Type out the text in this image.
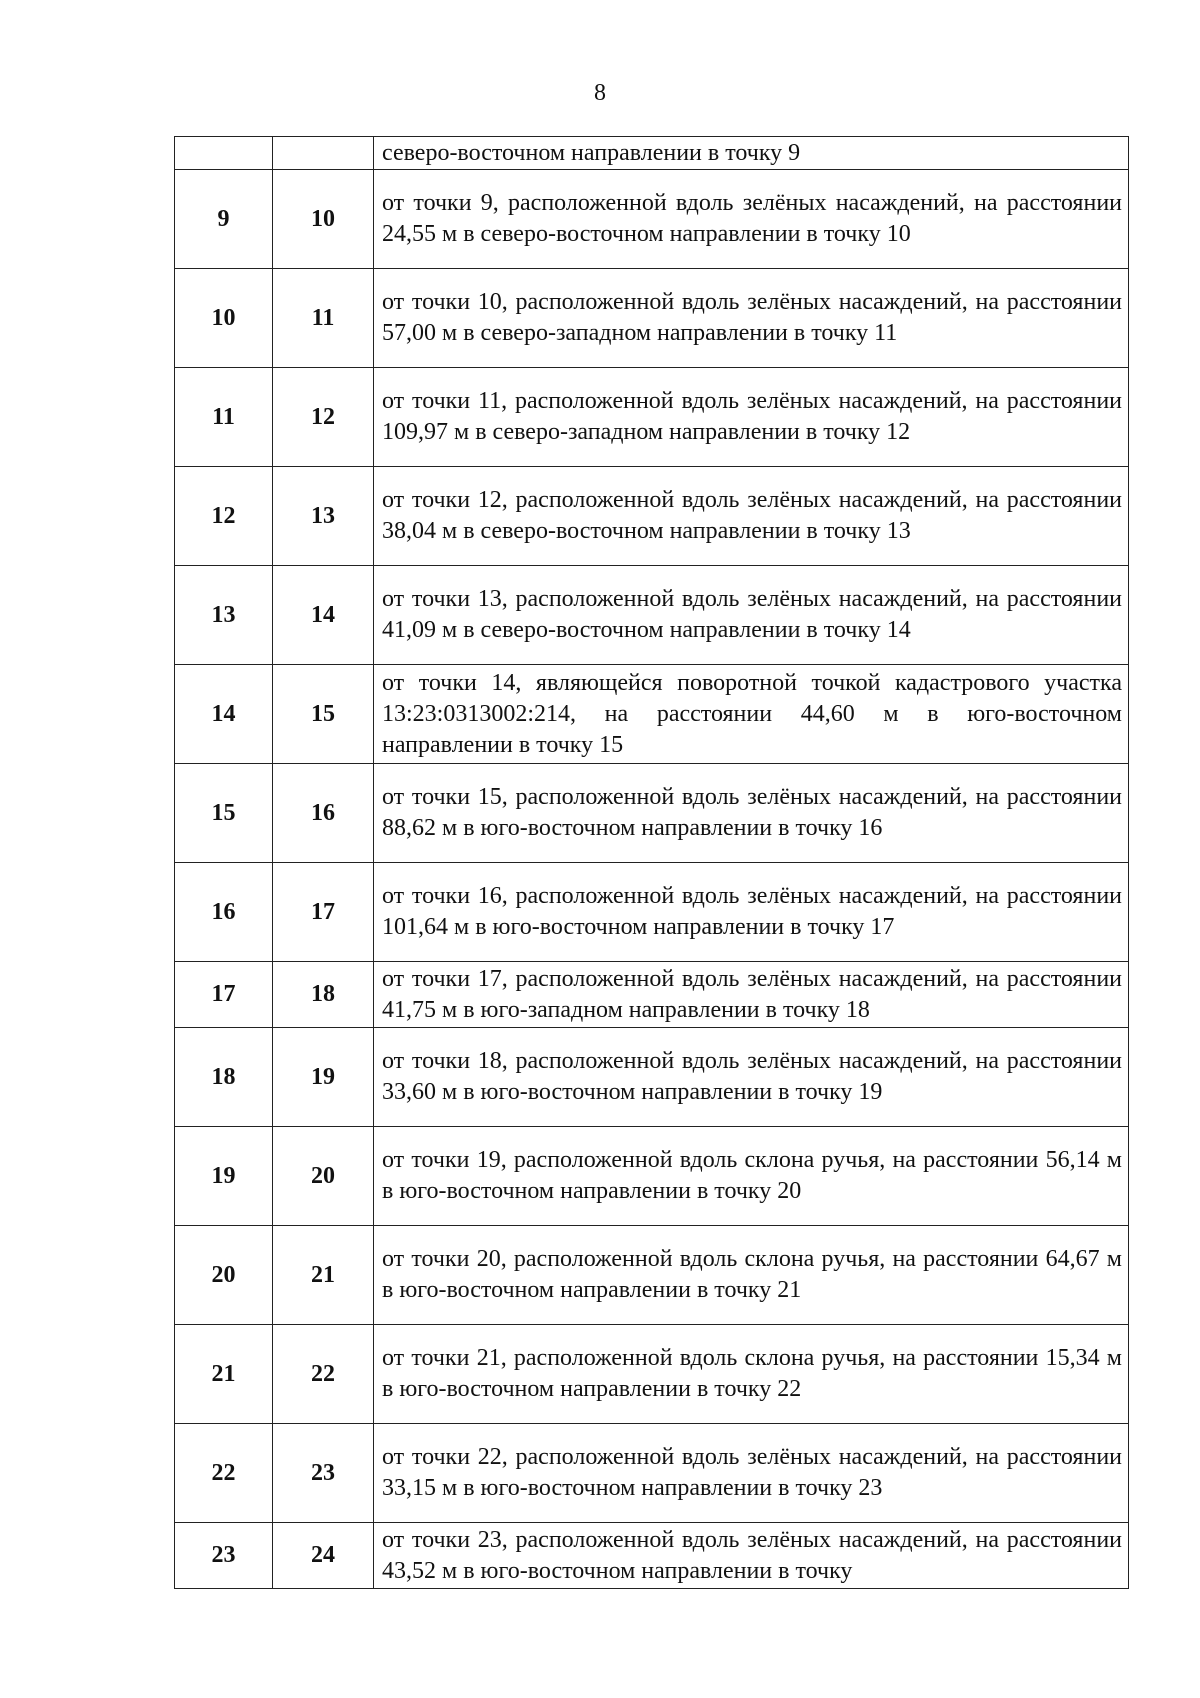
8
		северо-восточном направлении в точку 9
9	10	от точки 9, расположенной вдоль зелёных насаждений, на расстоянии 24,55 м в северо-восточном направлении в точку 10
10	11	от точки 10, расположенной вдоль зелёных насаждений, на расстоянии 57,00 м в северо-западном направлении в точку 11
11	12	от точки 11, расположенной вдоль зелёных насаждений, на расстоянии 109,97 м в северо-западном направлении в точку 12
12	13	от точки 12, расположенной вдоль зелёных насаждений, на расстоянии 38,04 м в северо-восточном направлении в точку 13
13	14	от точки 13, расположенной вдоль зелёных насаждений, на расстоянии 41,09 м в северо-восточном направлении в точку 14
14	15	от точки 14, являющейся поворотной точкой кадастрового участка 13:23:0313002:214, на расстоянии 44,60 м в юго-восточном направлении в точку 15
15	16	от точки 15, расположенной вдоль зелёных насаждений, на расстоянии 88,62 м в юго-восточном направлении в точку 16
16	17	от точки 16, расположенной вдоль зелёных насаждений, на расстоянии 101,64 м в юго-восточном направлении в точку 17
17	18	от точки 17, расположенной вдоль зелёных насаждений, на расстоянии 41,75 м в юго-западном направлении в точку 18
18	19	от точки 18, расположенной вдоль зелёных насаждений, на расстоянии 33,60 м в юго-восточном направлении в точку 19
19	20	от точки 19, расположенной вдоль склона ручья, на расстоянии 56,14 м в юго-восточном направлении в точку 20
20	21	от точки 20, расположенной вдоль склона ручья, на расстоянии 64,67 м в юго-восточном направлении в точку 21
21	22	от точки 21, расположенной вдоль склона ручья, на расстоянии 15,34 м в юго-восточном направлении в точку 22
22	23	от точки 22, расположенной вдоль зелёных насаждений, на расстоянии 33,15 м в юго-восточном направлении в точку 23
23	24	от точки 23, расположенной вдоль зелёных насаждений, на расстоянии 43,52 м в юго-восточном направлении в точку
